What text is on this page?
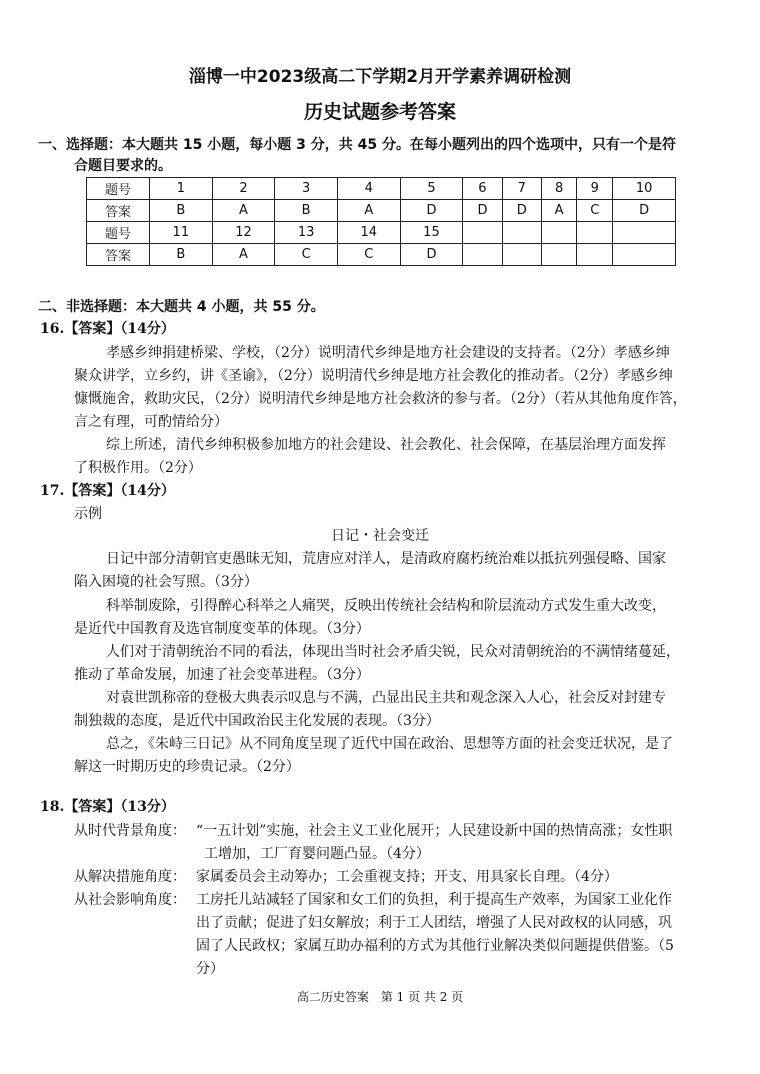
淄博一中2023级高二下学期2月开学素养调研检测
历史试题参考答案
一、选择题：本大题共 15 小题，每小题 3 分，共 45 分。在每小题列出的四个选项中，只有一个是符
合题目要求的。
题号	1	2	3	4	5	6	7	8	9	10
答案	B	A	B	A	D	D	D	A	C	D
题号	11	12	13	14	15					
答案	B	A	C	C	D					
二、非选择题：本大题共 4 小题，共 55 分。
16.【答案】（14分）
孝感乡绅捐建桥梁、学校，（2分）说明清代乡绅是地方社会建设的支持者。（2分）孝感乡绅
聚众讲学，立乡约，讲《圣谕》，（2分）说明清代乡绅是地方社会教化的推动者。（2分）孝感乡绅
慷慨施舍，救助灾民，（2分）说明清代乡绅是地方社会救济的参与者。（2分）（若从其他角度作答，
言之有理，可酌情给分）
综上所述，清代乡绅积极参加地方的社会建设、社会教化、社会保障，在基层治理方面发挥
了积极作用。（2分）
17.【答案】（14分）
示例
日记・社会变迁
日记中部分清朝官吏愚昧无知，荒唐应对洋人，是清政府腐朽统治难以抵抗列强侵略、国家
陷入困境的社会写照。（3分）
科举制废除，引得醉心科举之人痛哭，反映出传统社会结构和阶层流动方式发生重大改变，
是近代中国教育及选官制度变革的体现。（3分）
人们对于清朝统治不同的看法，体现出当时社会矛盾尖锐，民众对清朝统治的不满情绪蔓延，
推动了革命发展，加速了社会变革进程。（3分）
对袁世凯称帝的登极大典表示叹息与不满，凸显出民主共和观念深入人心，社会反对封建专
制独裁的态度，是近代中国政治民主化发展的表现。（3分）
总之，《朱峙三日记》从不同角度呈现了近代中国在政治、思想等方面的社会变迁状况，是了
解这一时期历史的珍贵记录。（2分）
18.【答案】（13分）
从时代背景角度： “一五计划”实施，社会主义工业化展开；人民建设新中国的热情高涨；女性职
工增加，工厂育婴问题凸显。（4分）
从解决措施角度： 家属委员会主动筹办；工会重视支持；开支、用具家长自理。（4分）
从社会影响角度： 工房托儿站减轻了国家和女工们的负担，利于提高生产效率，为国家工业化作
出了贡献；促进了妇女解放；利于工人团结，增强了人民对政权的认同感，巩
固了人民政权；家属互助办福利的方式为其他行业解决类似问题提供借鉴。（5
分）
高二历史答案　第 1 页 共 2 页
